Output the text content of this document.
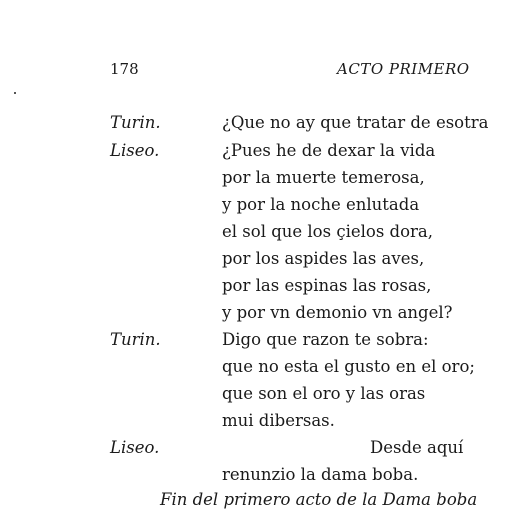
178	ACTO PRIMERO
Turin.	¿Que no ay que tratar de esotra
Liseo.	¿Pues he de dexar la vida
por la muerte temerosa,
y por la noche enlutada
el sol que los çielos dora,
por los aspides las aves,
por las espinas las rosas,
y por vn demonio vn angel?
Turin.	Digo que razon te sobra:
que no esta el gusto en el oro;
que son el oro y las oras
mui dibersas.
Liseo.	Desde aquí
renunzio la dama boba.
Fin del primero acto de la Dama boba
